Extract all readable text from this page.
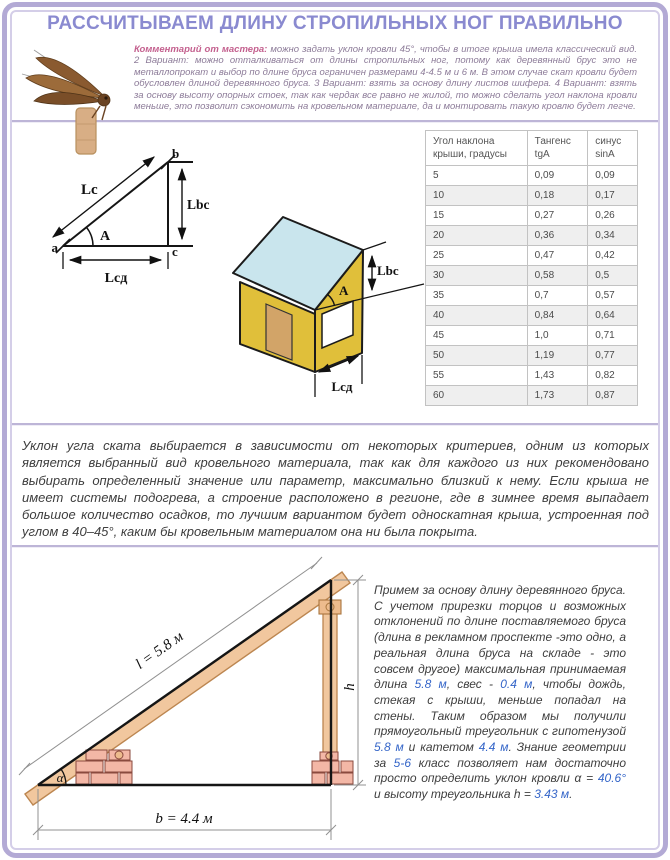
РАССЧИТЫВАЕМ ДЛИНУ СТРОПИЛЬНЫХ НОГ ПРАВИЛЬНО

Комментарий от мастера: можно задать уклон кровли 45°, чтобы в итоге крыша имела классический вид. 2 Вариант: можно отталкиваться от длины стропильных ног, потому как деревянный брус это не металлопрокат и выбор по длине бруса ограничен размерами 4-4.5 м и 6 м. В этом случае скат кровли будет обусловлен длиной деревянного бруса. 3 Вариант: взять за основу длину листов шифера. 4 Вариант: взять за основу высоту опорных стоек, так как чердак все равно не жилой, то можно сделать угол наклона кровли меньше, это позволит сэкономить на кровельном материале, да и монтировать такую кровлю будет легче.

Lc
A
Lbc
Lсд
a
b
c
Lbc
A
Lсд
Угол наклона крыши, градусы	Тангенс tgA	синус sinA
5	0,09	0,09
10	0,18	0,17
15	0,27	0,26
20	0,36	0,34
25	0,47	0,42
30	0,58	0,5
35	0,7	0,57
40	0,84	0,64
45	1,0	0,71
50	1,19	0,77
55	1,43	0,82
60	1,73	0,87

Уклон угла ската выбирается в зависимости от некоторых критериев, одним из которых является выбранный вид кровельного материала, так как для каждого из них рекомендовано выбирать определенный значение или параметр, максимально близкий к нему. Если крыша не имеет системы подогрева, а строение расположено в регионе, где в зимнее время выпадает большое количество осадков, то лучшим вариантом будет односкатная крыша, устроенная под углом в 40–45°, каким бы кровельным материалом она ни была покрыта.

l = 5.8 м
h
b = 4.4 м
α

Примем за основу длину деревянного бруса. С учетом прирезки торцов и возможных отклонений по длине поставляемого бруса (длина в рекламном проспекте -это одно, а реальная длина бруса на складе - это совсем другое) максимальная принимаемая длина 5.8 м, свес - 0.4 м, чтобы дождь, стекая с крыши, меньше попадал на стены. Таким образом мы получили прямоугольный треугольник с гипотенузой 5.8 м и катетом 4.4 м. Знание геометрии за 5-6 класс позволяет нам достаточно просто определить уклон кровли α = 40.6° и высоту треугольника h = 3.43 м.
